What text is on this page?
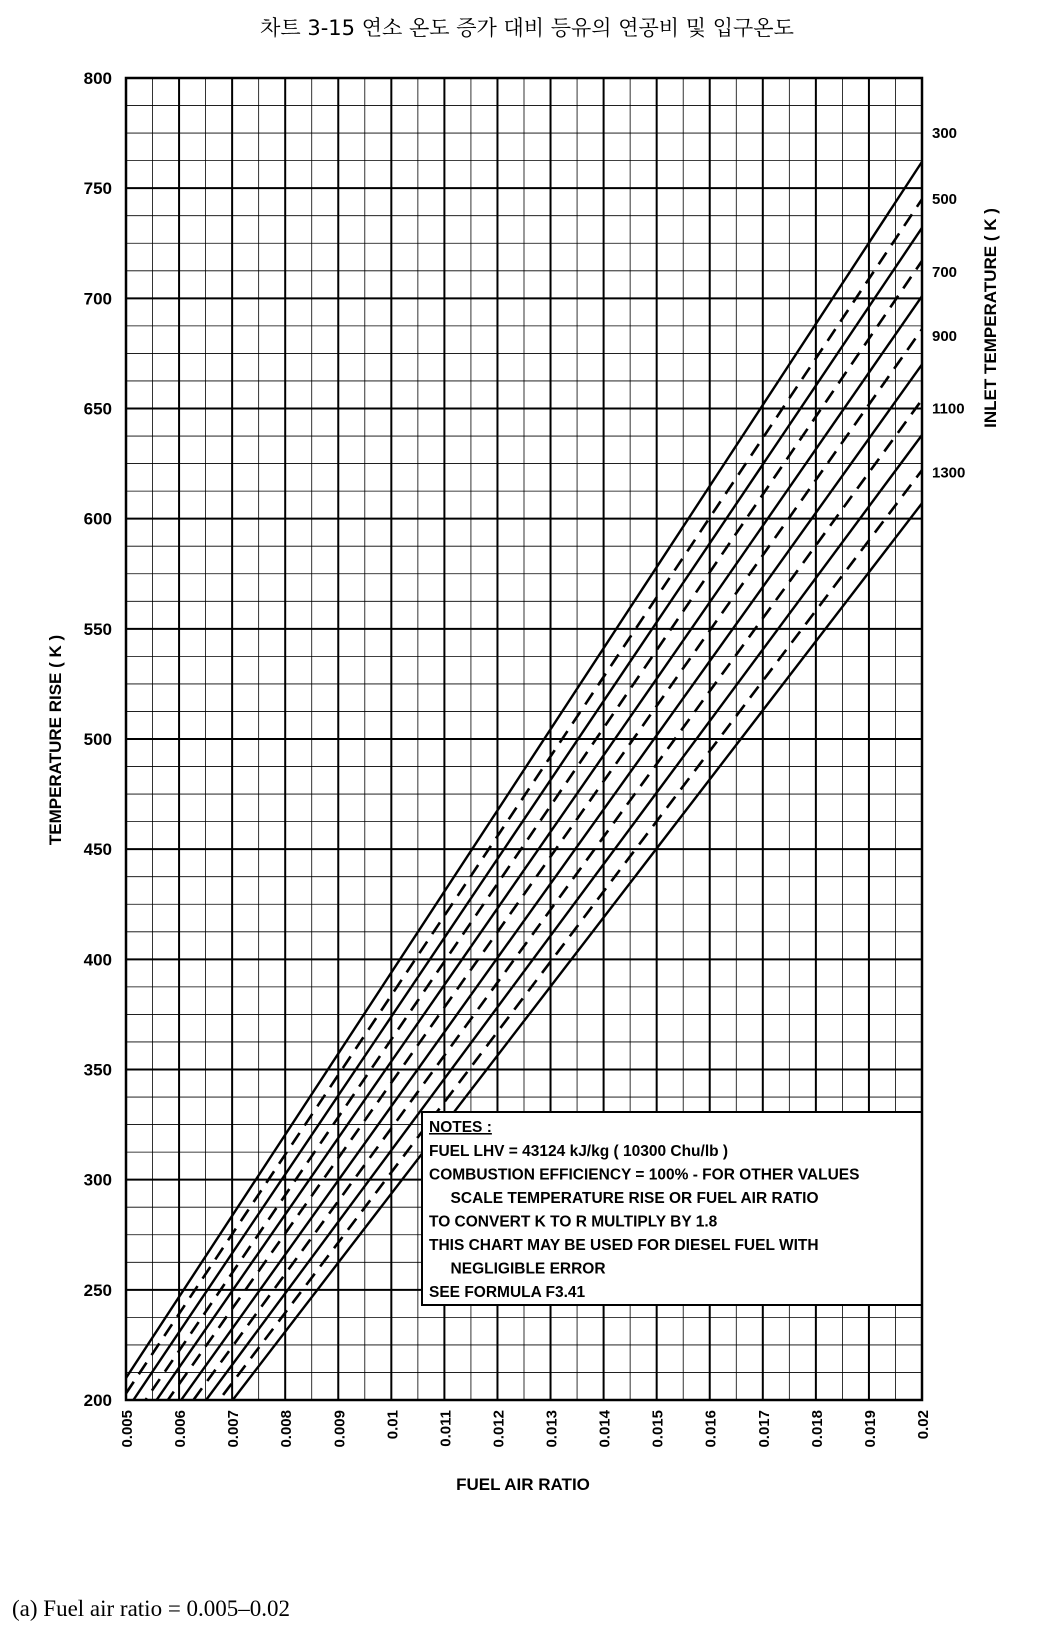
차트 3-15 연소 온도 증가 대비 등유의 연공비 및 입구온도
NOTES :
FUEL LHV = 43124 kJ/kg ( 10300 Chu/lb )
COMBUSTION EFFICIENCY = 100% - FOR OTHER VALUES
SCALE TEMPERATURE RISE OR FUEL AIR RATIO
TO CONVERT K TO R MULTIPLY BY 1.8
THIS CHART MAY BE USED FOR DIESEL FUEL WITH
NEGLIGIBLE ERROR
SEE FORMULA F3.41
200
250
300
350
400
450
500
550
600
650
700
750
800
0.005 0.006 0.007 0.008 0.009 0.01 0.011 0.012 0.013 0.014 0.015 0.016 0.017 0.018 0.019 0.02
300
500
700
900
1100
1300
TEMPERATURE RISE ( K )
INLET TEMPERATURE ( K )
FUEL AIR RATIO
(a) Fuel air ratio = 0.005–0.02
